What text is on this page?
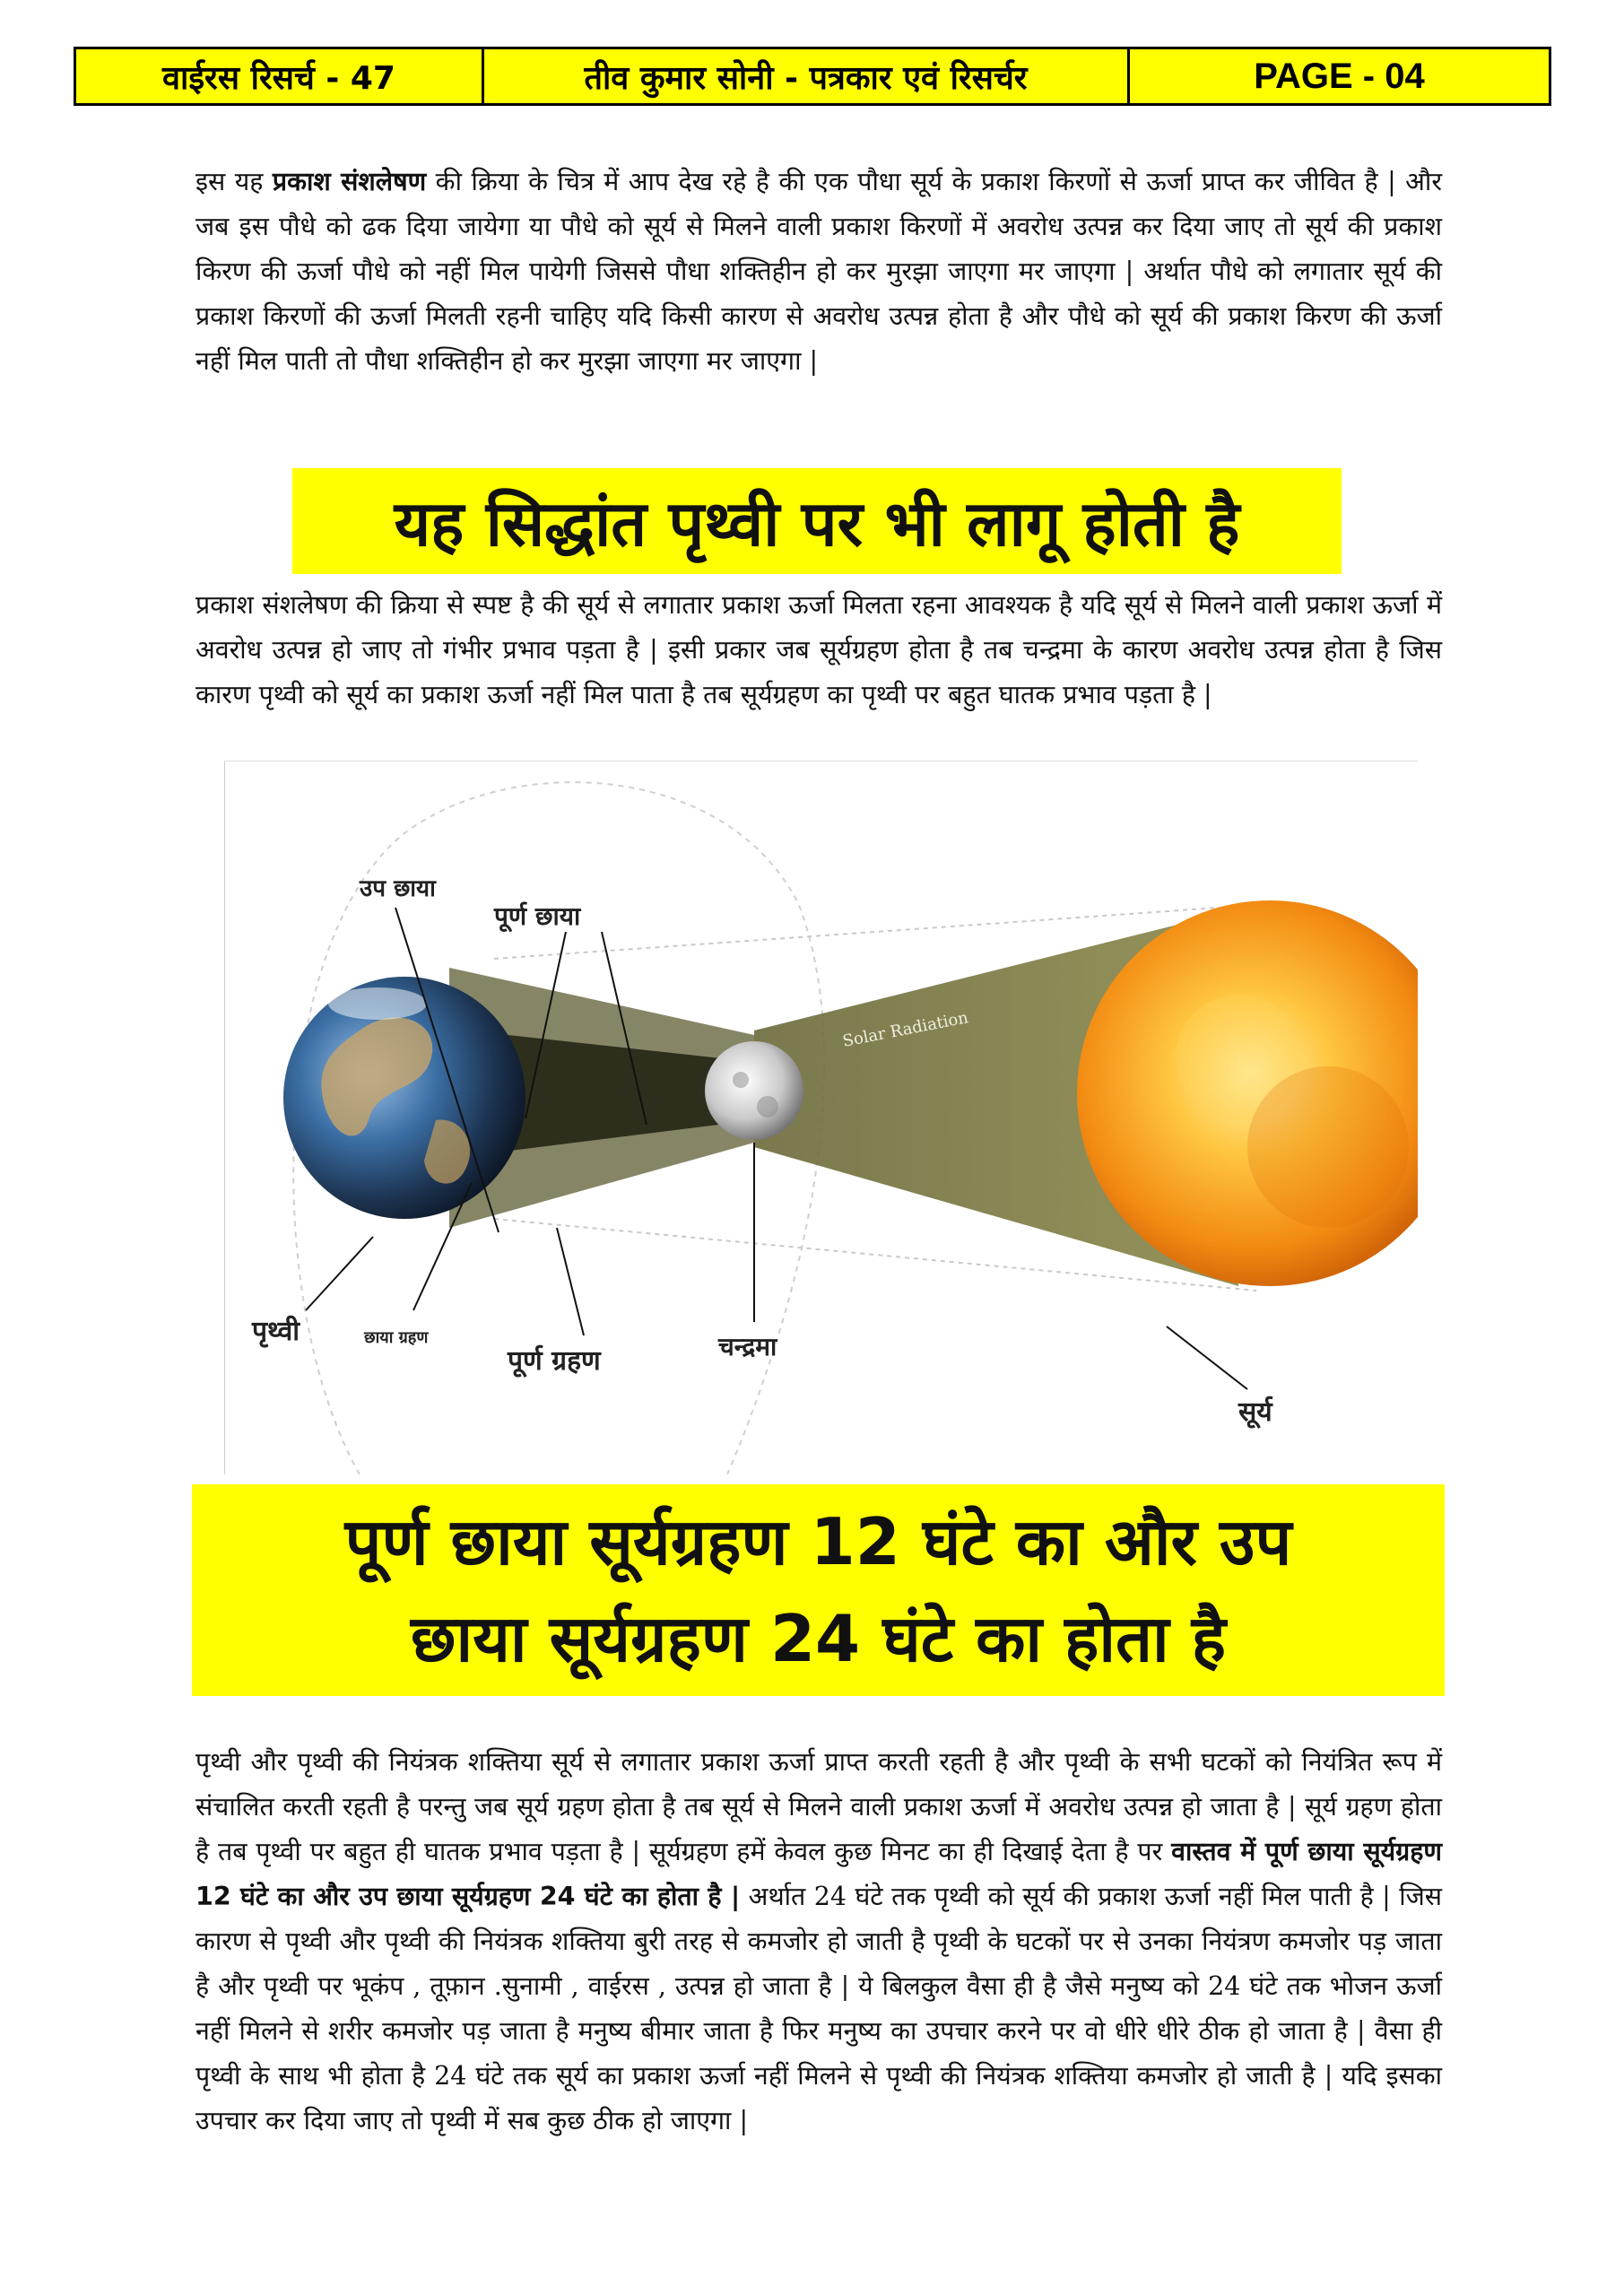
वाईरस रिसर्च - 47	तीव कुमार सोनी - पत्रकार एवं रिसर्चर	PAGE - 04

इस यह प्रकाश संशलेषण की क्रिया के चित्र में आप देख रहे है की एक पौधा सूर्य के प्रकाश किरणों से ऊर्जा प्राप्त कर जीवित है | और जब इस पौधे को ढक दिया जायेगा या पौधे को सूर्य से मिलने वाली प्रकाश किरणों में अवरोध उत्पन्न कर दिया जाए तो सूर्य की प्रकाश किरण की ऊर्जा पौधे को नहीं मिल पायेगी जिससे पौधा शक्तिहीन हो कर मुरझा जाएगा मर जाएगा | अर्थात पौधे को लगातार सूर्य की प्रकाश किरणों की ऊर्जा मिलती रहनी चाहिए यदि किसी कारण से अवरोध उत्पन्न होता है और पौधे को सूर्य की प्रकाश किरण की ऊर्जा नहीं मिल पाती तो पौधा शक्तिहीन हो कर मुरझा जाएगा मर जाएगा |

यह सिद्धांत पृथ्वी पर भी लागू होती है

प्रकाश संशलेषण की क्रिया से स्पष्ट है की सूर्य से लगातार प्रकाश ऊर्जा मिलता रहना आवश्यक है यदि सूर्य से मिलने वाली प्रकाश ऊर्जा में अवरोध उत्पन्न हो जाए तो गंभीर प्रभाव पड़ता है | इसी प्रकार जब सूर्यग्रहण होता है तब चन्द्रमा के कारण अवरोध उत्पन्न होता है जिस कारण पृथ्वी को सूर्य का प्रकाश ऊर्जा नहीं मिल पाता है तब सूर्यग्रहण का पृथ्वी पर बहुत घातक प्रभाव पड़ता है |

Solar Radiation
उप छाया
पूर्ण छाया
पृथ्वी	छाया ग्रहण
पूर्ण ग्रहण	चन्द्रमा
सूर्य
पूर्ण छाया सूर्यग्रहण 12 घंटे का और उप
छाया सूर्यग्रहण 24 घंटे का होता है

पृथ्वी और पृथ्वी की नियंत्रक शक्तिया सूर्य से लगातार प्रकाश ऊर्जा प्राप्त करती रहती है और पृथ्वी के सभी घटकों को नियंत्रित रूप में संचालित करती रहती है परन्तु जब सूर्य ग्रहण होता है तब सूर्य से मिलने वाली प्रकाश ऊर्जा में अवरोध उत्पन्न हो जाता है | सूर्य ग्रहण होता है तब पृथ्वी पर बहुत ही घातक प्रभाव पड़ता है | सूर्यग्रहण हमें केवल कुछ मिनट का ही दिखाई देता है पर वास्तव में पूर्ण छाया सूर्यग्रहण 12 घंटे का और उप छाया सूर्यग्रहण 24 घंटे का होता है | अर्थात 24 घंटे तक पृथ्वी को सूर्य की प्रकाश ऊर्जा नहीं मिल पाती है | जिस कारण से पृथ्वी और पृथ्वी की नियंत्रक शक्तिया बुरी तरह से कमजोर हो जाती है पृथ्वी के घटकों पर से उनका नियंत्रण कमजोर पड़ जाता है और पृथ्वी पर भूकंप , तूफ़ान .सुनामी , वाईरस , उत्पन्न हो जाता है | ये बिलकुल वैसा ही है जैसे मनुष्य को 24 घंटे तक भोजन ऊर्जा नहीं मिलने से शरीर कमजोर पड़ जाता है मनुष्य बीमार जाता है फिर मनुष्य का उपचार करने पर वो धीरे धीरे ठीक हो जाता है | वैसा ही पृथ्वी के साथ भी होता है 24 घंटे तक सूर्य का प्रकाश ऊर्जा नहीं मिलने से पृथ्वी की नियंत्रक शक्तिया कमजोर हो जाती है | यदि इसका उपचार कर दिया जाए तो पृथ्वी में सब कुछ ठीक हो जाएगा |
